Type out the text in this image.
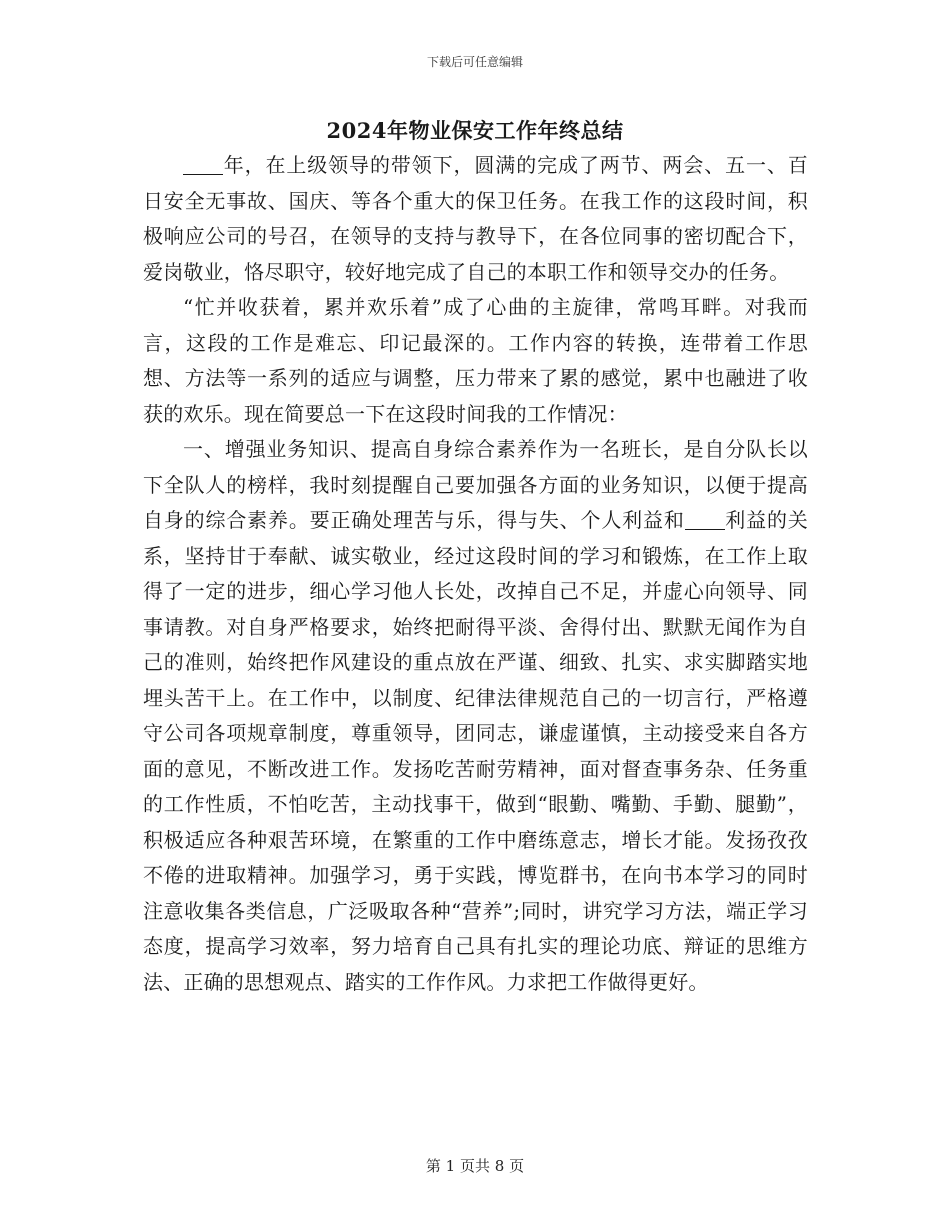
下载后可任意编辑
2024年物业保安工作年终总结

年，在上级领导的带领下，圆满的完成了两节、两会、五一、百日安全无事故、国庆、等各个重大的保卫任务。在我工作的这段时间，积极响应公司的号召，在领导的支持与教导下，在各位同事的密切配合下，爱岗敬业，恪尽职守，较好地完成了自己的本职工作和领导交办的任务。

“忙并收获着，累并欢乐着”成了心曲的主旋律，常鸣耳畔。对我而言，这段的工作是难忘、印记最深的。工作内容的转换，连带着工作思想、方法等一系列的适应与调整，压力带来了累的感觉，累中也融进了收获的欢乐。现在简要总一下在这段时间我的工作情况：

一、增强业务知识、提高自身综合素养作为一名班长，是自分队长以下全队人的榜样，我时刻提醒自己要加强各方面的业务知识，以便于提高自身的综合素养。要正确处理苦与乐，得与失、个人利益和 利益的关系，坚持甘于奉献、诚实敬业，经过这段时间的学习和锻炼，在工作上取得了一定的进步，细心学习他人长处，改掉自己不足，并虚心向领导、同事请教。对自身严格要求，始终把耐得平淡、舍得付出、默默无闻作为自己的准则，始终把作风建设的重点放在严谨、细致、扎实、求实脚踏实地埋头苦干上。在工作中，以制度、纪律法律规范自己的一切言行，严格遵守公司各项规章制度，尊重领导，团同志，谦虚谨慎，主动接受来自各方面的意见，不断改进工作。发扬吃苦耐劳精神，面对督查事务杂、任务重的工作性质，不怕吃苦，主动找事干，做到“眼勤、嘴勤、手勤、腿勤”，积极适应各种艰苦环境，在繁重的工作中磨练意志，增长才能。发扬孜孜不倦的进取精神。加强学习，勇于实践，博览群书，在向书本学习的同时注意收集各类信息，广泛吸取各种“营养”;同时，讲究学习方法，端正学习态度，提高学习效率，努力培育自己具有扎实的理论功底、辩证的思维方法、正确的思想观点、踏实的工作作风。力求把工作做得更好。

第 1 页共 8 页
